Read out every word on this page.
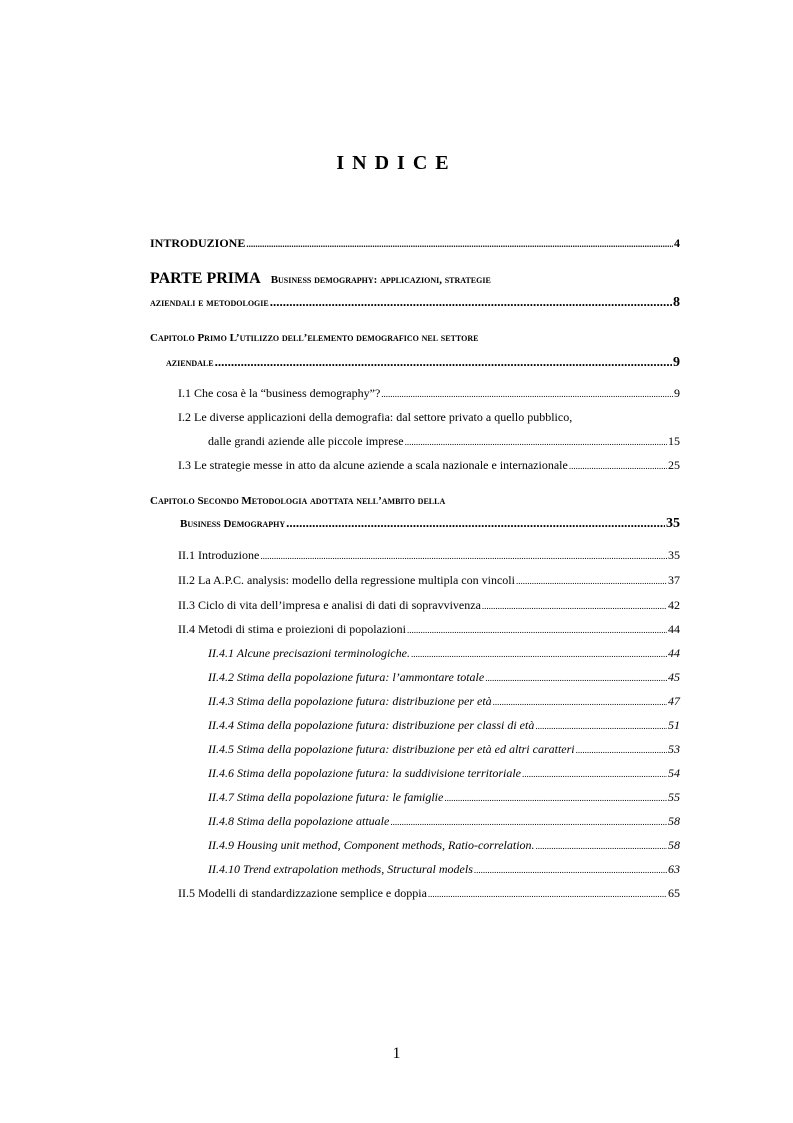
INDICE
INTRODUZIONE .....	4
PARTE PRIMA Business demography: applicazioni, strategie
aziendali e metodologie .....	8
Capitolo Primo L’utilizzo dell’elemento demografico nel settore
aziendale .....	9
I.1 Che cosa è la “business demography”? .....	9
I.2 Le diverse applicazioni della demografia: dal settore privato a quello pubblico,
dalle grandi aziende alle piccole imprese .....	15
I.3 Le strategie messe in atto da alcune aziende a scala nazionale e internazionale .....	25
Capitolo Secondo Metodologia adottata nell’ambito della
Business Demography .....	35
II.1 Introduzione .....	35
II.2 La A.P.C. analysis: modello della regressione multipla con vincoli .....	37
II.3 Ciclo di vita dell’impresa e analisi di dati di sopravvivenza .....	42
II.4 Metodi di stima e proiezioni di popolazioni .....	44
II.4.1 Alcune precisazioni terminologiche. .....	44
II.4.2 Stima della popolazione futura: l’ammontare totale .....	45
II.4.3 Stima della popolazione futura: distribuzione per età .....	47
II.4.4 Stima della popolazione futura: distribuzione per classi di età .....	51
II.4.5 Stima della popolazione futura: distribuzione per età ed altri caratteri .....	53
II.4.6 Stima della popolazione futura: la suddivisione territoriale .....	54
II.4.7 Stima della popolazione futura: le famiglie .....	55
II.4.8 Stima della popolazione attuale .....	58
II.4.9 Housing unit method, Component methods, Ratio-correlation. .....	58
II.4.10 Trend extrapolation methods, Structural models .....	63
II.5 Modelli di standardizzazione semplice e doppia .....	65
1
